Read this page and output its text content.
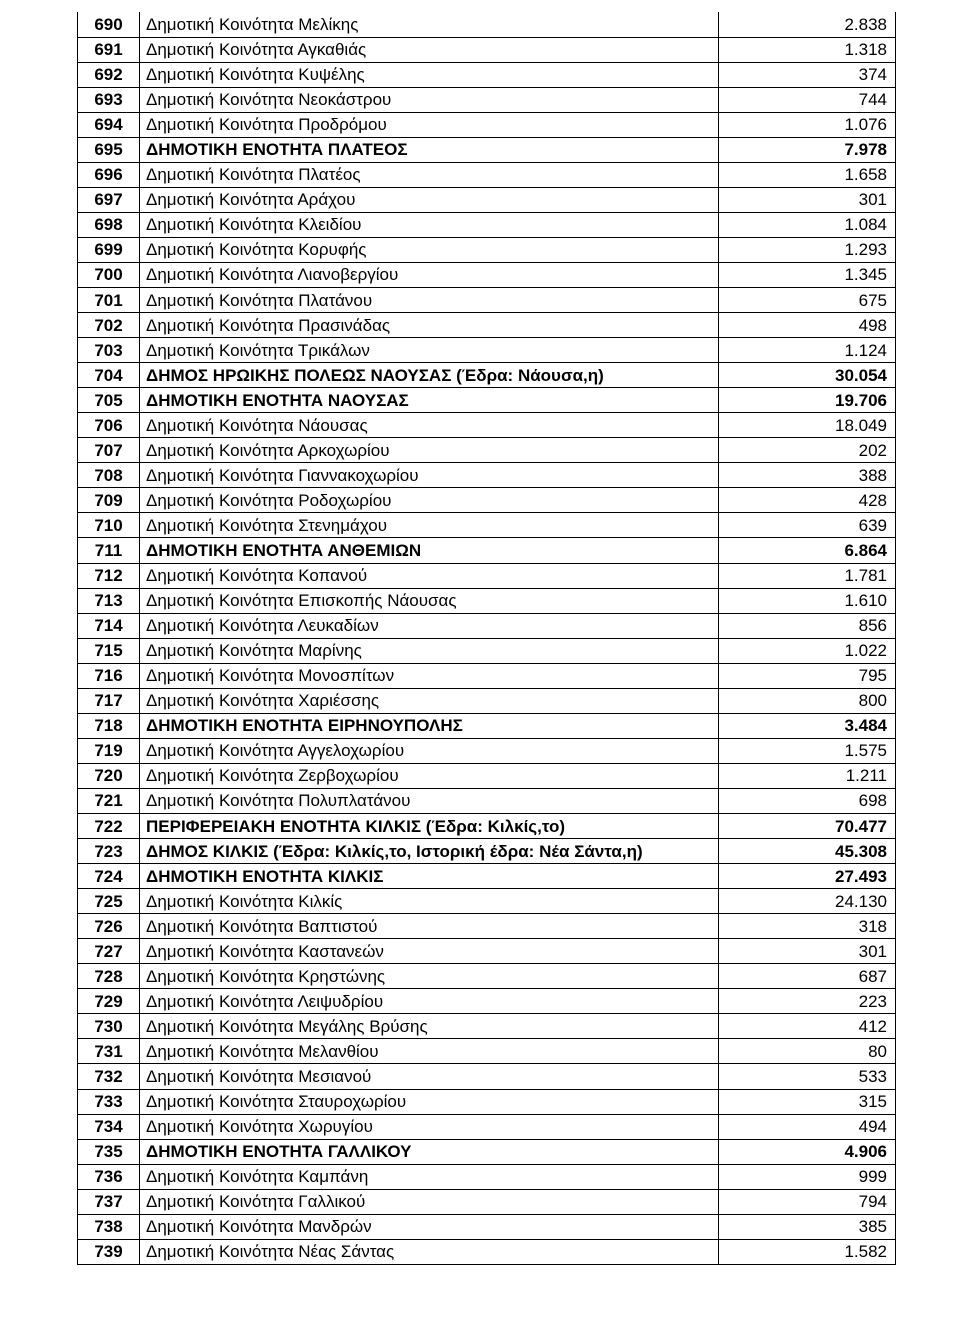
690	Δημοτική Κοινότητα Μελίκης	2.838
691	Δημοτική Κοινότητα Αγκαθιάς	1.318
692	Δημοτική Κοινότητα Κυψέλης	374
693	Δημοτική Κοινότητα Νεοκάστρου	744
694	Δημοτική Κοινότητα Προδρόμου	1.076
695	ΔΗΜΟΤΙΚΗ ΕΝΟΤΗΤΑ ΠΛΑΤΕΟΣ	7.978
696	Δημοτική Κοινότητα Πλατέος	1.658
697	Δημοτική Κοινότητα Αράχου	301
698	Δημοτική Κοινότητα Κλειδίου	1.084
699	Δημοτική Κοινότητα Κορυφής	1.293
700	Δημοτική Κοινότητα Λιανοβεργίου	1.345
701	Δημοτική Κοινότητα Πλατάνου	675
702	Δημοτική Κοινότητα Πρασινάδας	498
703	Δημοτική Κοινότητα Τρικάλων	1.124
704	ΔΗΜΟΣ ΗΡΩΙΚΗΣ ΠΟΛΕΩΣ ΝΑΟΥΣΑΣ (Έδρα: Νάουσα,η)	30.054
705	ΔΗΜΟΤΙΚΗ ΕΝΟΤΗΤΑ ΝΑΟΥΣΑΣ	19.706
706	Δημοτική Κοινότητα Νάουσας	18.049
707	Δημοτική Κοινότητα Αρκοχωρίου	202
708	Δημοτική Κοινότητα Γιαννακοχωρίου	388
709	Δημοτική Κοινότητα Ροδοχωρίου	428
710	Δημοτική Κοινότητα Στενημάχου	639
711	ΔΗΜΟΤΙΚΗ ΕΝΟΤΗΤΑ ΑΝΘΕΜΙΩΝ	6.864
712	Δημοτική Κοινότητα Κοπανού	1.781
713	Δημοτική Κοινότητα Επισκοπής Νάουσας	1.610
714	Δημοτική Κοινότητα Λευκαδίων	856
715	Δημοτική Κοινότητα Μαρίνης	1.022
716	Δημοτική Κοινότητα Μονοσπίτων	795
717	Δημοτική Κοινότητα Χαριέσσης	800
718	ΔΗΜΟΤΙΚΗ ΕΝΟΤΗΤΑ ΕΙΡΗΝΟΥΠΟΛΗΣ	3.484
719	Δημοτική Κοινότητα Αγγελοχωρίου	1.575
720	Δημοτική Κοινότητα Ζερβοχωρίου	1.211
721	Δημοτική Κοινότητα Πολυπλατάνου	698
722	ΠΕΡΙΦΕΡΕΙΑΚΗ ΕΝΟΤΗΤΑ ΚΙΛΚΙΣ (Έδρα: Κιλκίς,το)	70.477
723	ΔΗΜΟΣ ΚΙΛΚΙΣ (Έδρα: Κιλκίς,το, Ιστορική έδρα: Νέα Σάντα,η)	45.308
724	ΔΗΜΟΤΙΚΗ ΕΝΟΤΗΤΑ ΚΙΛΚΙΣ	27.493
725	Δημοτική Κοινότητα Κιλκίς	24.130
726	Δημοτική Κοινότητα Βαπτιστού	318
727	Δημοτική Κοινότητα Καστανεών	301
728	Δημοτική Κοινότητα Κρηστώνης	687
729	Δημοτική Κοινότητα Λειψυδρίου	223
730	Δημοτική Κοινότητα Μεγάλης Βρύσης	412
731	Δημοτική Κοινότητα Μελανθίου	80
732	Δημοτική Κοινότητα Μεσιανού	533
733	Δημοτική Κοινότητα Σταυροχωρίου	315
734	Δημοτική Κοινότητα Χωρυγίου	494
735	ΔΗΜΟΤΙΚΗ ΕΝΟΤΗΤΑ ΓΑΛΛΙΚΟΥ	4.906
736	Δημοτική Κοινότητα Καμπάνη	999
737	Δημοτική Κοινότητα Γαλλικού	794
738	Δημοτική Κοινότητα Μανδρών	385
739	Δημοτική Κοινότητα Νέας Σάντας	1.582
